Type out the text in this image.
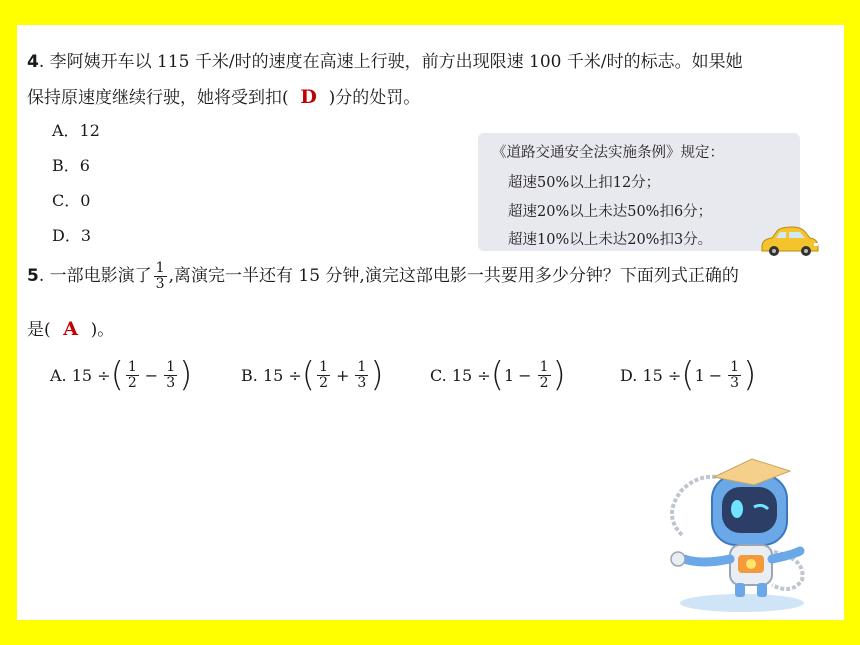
4. 李阿姨开车以 115 千米/时的速度在高速上行驶，前方出现限速 100 千米/时的标志。如果她
保持原速度继续行驶，她将受到扣( D )分的处罚。
A．12
B．6
C．0
D．3
《道路交通安全法实施条例》规定：
超速50%以上扣12分；
超速20%以上未达50%扣6分；
超速10%以上未达20%扣3分。
5. 一部电影演了 $\frac{1}{3}$ ,离演完一半还有 15 分钟,演完这部电影一共要用多少分钟？下面列式正确的
是( A )。
A.
15 ÷ ( $\frac{1}{2} - \frac{1}{3}$ )	B.
15 ÷ ( $\frac{1}{2} + \frac{1}{3}$ )	C.
15 ÷ ( $1 - \frac{1}{2}$ )	D.
15 ÷ ( $1 - \frac{1}{3}$ )
